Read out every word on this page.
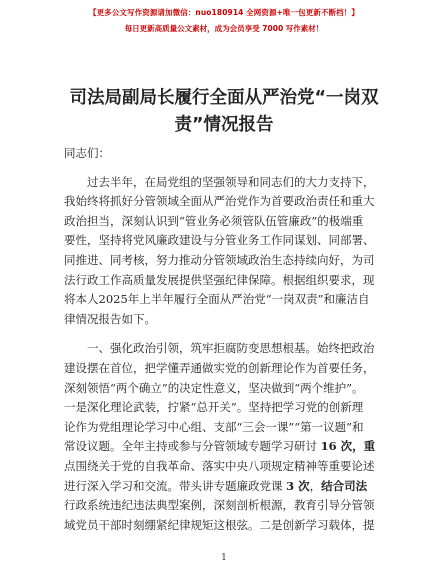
【更多公文写作资源请加微信：nuo180914 全网资源+唯一包更新不断档！】
每日更新高质量公文素材，成为会员享受 7000 写作素材！
司法局副局长履行全面从严治党“一岗双
责”情况报告
同志们：
过去半年，在局党组的坚强领导和同志们的大力支持下，
我始终将抓好分管领域全面从严治党作为首要政治责任和重大
政治担当，深刻认识到“管业务必须管队伍管廉政”的极端重
要性，坚持将党风廉政建设与分管业务工作同谋划、同部署、
同推进、同考核，努力推动分管领域政治生态持续向好，为司
法行政工作高质量发展提供坚强纪律保障。根据组织要求，现
将本人2025年上半年履行全面从严治党“一岗双责”和廉洁自
律情况报告如下。
一、强化政治引领，筑牢拒腐防变思想根基。始终把政治
建设摆在首位，把学懂弄通做实党的创新理论作为首要任务，
深刻领悟“两个确立”的决定性意义，坚决做到“两个维护”。
一是深化理论武装，拧紧“总开关”。坚持把学习党的创新理
论作为党组理论学习中心组、支部“三会一课”“第一议题”和
常设议题。全年主持或参与分管领域专题学习研讨 16 次，重
点围绕关于党的自我革命、落实中央八项规定精神等重要论述
进行深入学习和交流。带头讲专题廉政党课 3 次，结合司法
行政系统违纪违法典型案例，深刻剖析根源，教育引导分管领
域党员干部时刻绷紧纪律规矩这根弦。二是创新学习载体，提
1
